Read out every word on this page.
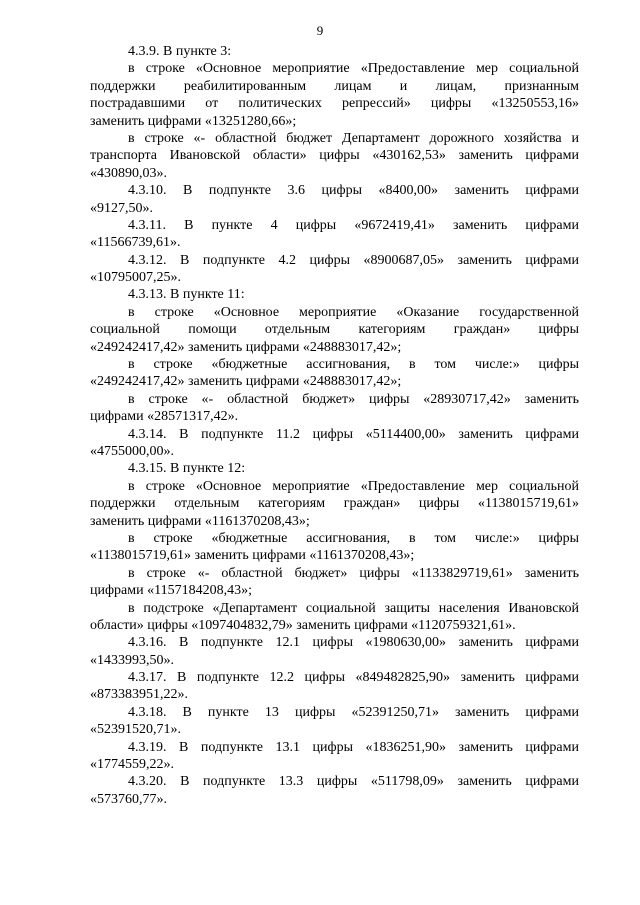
9

4.3.9. В пункте 3:

в строке «Основное мероприятие «Предоставление мер социальной
поддержки реабилитированным лицам и лицам, признанным
пострадавшими от политических репрессий» цифры «13250553,16»
заменить цифрами «13251280,66»;

в строке «- областной бюджет Департамент дорожного хозяйства и
транспорта Ивановской области» цифры «430162,53» заменить цифрами
«430890,03».

4.3.10. В подпункте 3.6 цифры «8400,00» заменить цифрами
«9127,50».

4.3.11. В пункте 4 цифры «9672419,41» заменить цифрами
«11566739,61».

4.3.12. В подпункте 4.2 цифры «8900687,05» заменить цифрами
«10795007,25».

4.3.13. В пункте 11:

в строке «Основное мероприятие «Оказание государственной
социальной помощи отдельным категориям граждан» цифры
«249242417,42» заменить цифрами «248883017,42»;

в строке «бюджетные ассигнования, в том числе:» цифры
«249242417,42» заменить цифрами «248883017,42»;

в строке «- областной бюджет» цифры «28930717,42» заменить
цифрами «28571317,42».

4.3.14. В подпункте 11.2 цифры «5114400,00» заменить цифрами
«4755000,00».

4.3.15. В пункте 12:

в строке «Основное мероприятие «Предоставление мер социальной
поддержки отдельным категориям граждан» цифры «1138015719,61»
заменить цифрами «1161370208,43»;

в строке «бюджетные ассигнования, в том числе:» цифры
«1138015719,61» заменить цифрами «1161370208,43»;

в строке «- областной бюджет» цифры «1133829719,61» заменить
цифрами «1157184208,43»;

в подстроке «Департамент социальной защиты населения Ивановской
области» цифры «1097404832,79» заменить цифрами «1120759321,61».

4.3.16. В подпункте 12.1 цифры «1980630,00» заменить цифрами
«1433993,50».

4.3.17. В подпункте 12.2 цифры «849482825,90» заменить цифрами
«873383951,22».

4.3.18. В пункте 13 цифры «52391250,71» заменить цифрами
«52391520,71».

4.3.19. В подпункте 13.1 цифры «1836251,90» заменить цифрами
«1774559,22».

4.3.20. В подпункте 13.3 цифры «511798,09» заменить цифрами
«573760,77».
